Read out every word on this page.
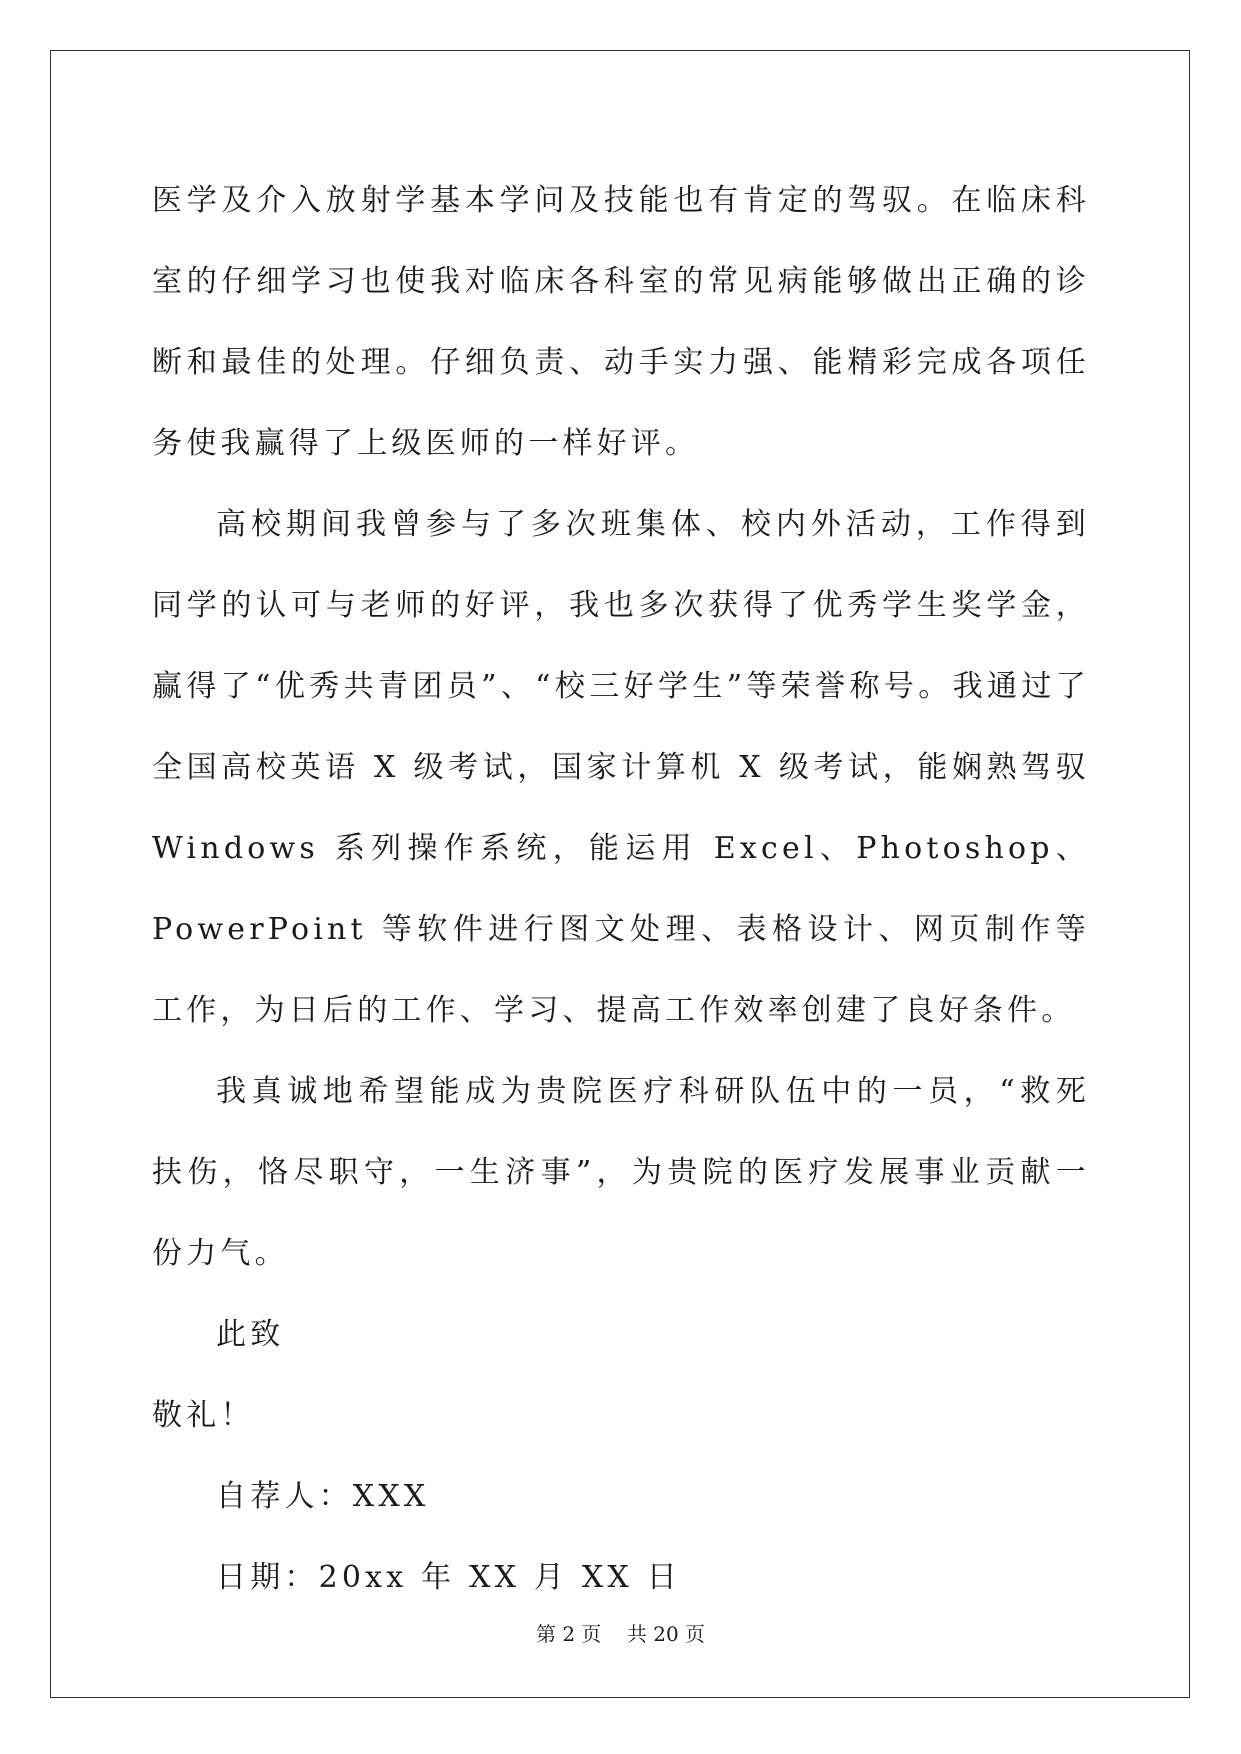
医学及介入放射学基本学问及技能也有肯定的驾驭。在临床科室的仔细学习也使我对临床各科室的常见病能够做出正确的诊断和最佳的处理。仔细负责、动手实力强、能精彩完成各项任务使我赢得了上级医师的一样好评。

高校期间我曾参与了多次班集体、校内外活动，工作得到同学的认可与老师的好评，我也多次获得了优秀学生奖学金，赢得了“优秀共青团员”、“校三好学生”等荣誉称号。我通过了全国高校英语 X 级考试，国家计算机 X 级考试，能娴熟驾驭 Windows 系列操作系统，能运用 Excel、Photoshop、PowerPoint 等软件进行图文处理、表格设计、网页制作等工作，为日后的工作、学习、提高工作效率创建了良好条件。

我真诚地希望能成为贵院医疗科研队伍中的一员，“救死扶伤，恪尽职守，一生济事”，为贵院的医疗发展事业贡献一份力气。

此致

敬礼！

自荐人：XXX

日期：20xx 年 XX 月 XX 日

第 2 页 共 20 页
